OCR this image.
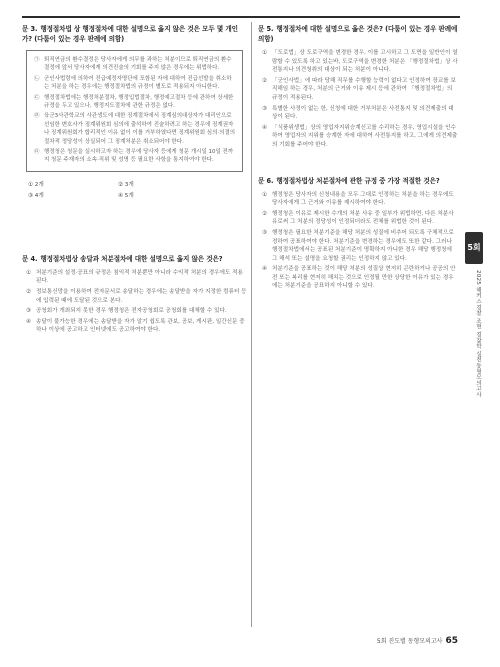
문 3. 행정절차법 상 행정절차에 대한 설명으로 옳지 않은 것은 모두 몇 개인가? (다툼이 있는 경우 판례에 의함)
㉠ 퇴직연금의 환수결정은 당사자에게 의무를 과하는 처분이므로 퇴직연금의 환수결정에 앞서 당사자에게 의견진술의 기회를 주지 않은 경우에는 위법하다.
㉡ 군인사법령에 의하여 진급예정자명단에 포함된 자에 대하여 진급선발을 취소하는 처분을 하는 경우에는 행정절차법의 규정이 별도로 적용되지 아니한다.
㉢ 행정절차법에는 행정처분절차, 행정입법절차, 행정예고절차 등에 관하여 상세한 규정을 두고 있으나, 행정지도절차에 관한 규정은 없다.
㉣ 육군3사관학교의 사관생도에 대한 징계절차에서 징계심의대상자가 대리인으로 선임한 변호사가 징계위원회 심의에 출석하여 진술하려고 하는 경우에 징계권자나 징계위원회가 합리적인 이유 없이 이를 거부하였다면 징계위원회 심의·의결의 절차적 정당성이 상실되어 그 징계처분은 취소되어야 한다.
㉤ 행정청은 청문을 실시하고자 하는 경우에 당사자 등에게 청문 개시일 10일 전까지 청문 주재자의 소속·직위 및 성명 등 필요한 사항을 통지하여야 한다.
① 2개	② 3개
③ 4개	④ 5개
문 4. 행정절차법상 송달과 처분절차에 대한 설명으로 옳지 않은 것은?
① 처분기준의 설정·공표의 규정은 침익적 처분뿐만 아니라 수익적 처분의 경우에도 적용된다.
② 정보통신망을 이용하여 전자문서로 송달하는 경우에는 송달받을 자가 지정한 컴퓨터 등에 입력된 때에 도달된 것으로 본다.
③ 공청회가 개최되지 못한 경우 행정청은 전자공청회로 공청회를 대체할 수 있다.
④ 송달이 불가능한 경우에는 송달받을 자가 알기 쉽도록 관보, 공보, 게시판, 일간신문 중 하나 이상에 공고하고 인터넷에도 공고하여야 한다.
문 5. 행정절차에 대한 설명으로 옳은 것은? (다툼이 있는 경우 판례에 의함)
① 「도로법」상 도로구역을 변경한 경우, 이를 고시하고 그 도면을 일반인이 열람할 수 있도록 하고 있는바, 도로구역을 변경한 처분은 「행정절차법」상 사전통지나 의견청취의 대상이 되는 처분이 아니다.
② 「군인사법」에 따라 당해 직무를 수행할 능력이 없다고 인정하여 장교를 보직해임 하는 경우, 처분의 근거와 이유 제시 등에 관하여 「행정절차법」의 규정이 적용된다.
③ 특별한 사정이 없는 한, 신청에 대한 거부처분은 사전통지 및 의견제출의 대상이 된다.
④ 「식품위생법」상의 영업자지위승계신고를 수리하는 경우, 영업시설을 인수하여 영업자의 지위를 승계한 자에 대하여 사전통지를 하고, 그에게 의견제출의 기회를 주어야 한다.
문 6. 행정절차법상 처분절차에 관한 규정 중 가장 적절한 것은?
① 행정청은 당사자의 신청내용을 모두 그대로 인정하는 처분을 하는 경우에도 당사자에게 그 근거와 이유를 제시하여야 한다.
② 행정청은 이유로 제시한 수개의 처분 사유 중 일부가 위법하면, 다른 처분사유로써 그 처분의 정당성이 인정되더라도 전체를 위법한 것이 된다.
③ 행정청은 필요한 처분기준을 해당 처분의 성질에 비추어 되도록 구체적으로 정하여 공표하여야 한다. 처분기준을 변경하는 경우에도 또한 같다. 그러나 행정절차법에서는 공표된 처분기준이 명확하지 아니한 경우 해당 행정청에 그 해석 또는 설명을 요청할 권리는 인정하지 않고 있다.
④ 처분기준을 공표하는 것이 해당 처분의 성질상 현저히 곤란하거나 공공의 안전 또는 복리를 현저히 해치는 것으로 인정될 만한 상당한 이유가 있는 경우에는 처분기준을 공표하지 아니할 수 있다.
5회
2025 해커스경찰 조현 경찰학 실전동형모의고사
5회 진도별 동형모의고사 65
